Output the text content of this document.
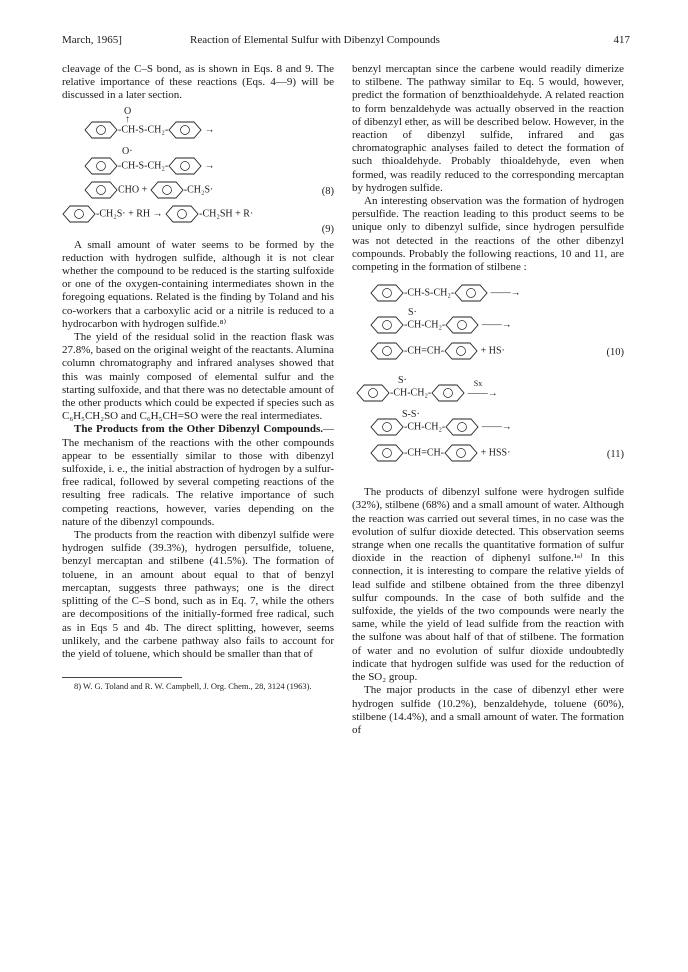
March, 1965]	Reaction of Elemental Sulfur with Dibenzyl Compounds	417

cleavage of the C–S bond, as is shown in Eqs. 8 and 9. The relative importance of these reactions (Eqs. 4—9) will be discussed in a later section.

O
↑
-CH-S-CH₂-	→
O·
-CH-S-CH₂-	→
CHO +	-CH₂S·	(8)
-CH₂S· + RH →	-CH₂SH + R·
(9)

A small amount of water seems to be formed by the reduction with hydrogen sulfide, although it is not clear whether the compound to be reduced is the starting sulfoxide or one of the oxygen-containing intermediates shown in the foregoing equations. Related is the finding by Toland and his co-workers that a carboxylic acid or a nitrile is reduced to a hydrocarbon with hydrogen sulfide.⁸⁾

The yield of the residual solid in the reaction flask was 27.8%, based on the original weight of the reactants. Alumina column chromatography and infrared analyses showed that this was mainly composed of elemental sulfur and the starting sulfoxide, and that there was no detectable amount of the other products which could be expected if species such as C₆H₅CH₂SO and C₆H₅CH=SO were the real intermediates.

The Products from the Other Dibenzyl Compounds.—The mechanism of the reactions with the other compounds appear to be essentially similar to those with dibenzyl sulfoxide, i. e., the initial abstraction of hydrogen by a sulfur-free radical, followed by several competing reactions of the resulting free radicals. The relative importance of such competing reactions, however, varies depending on the nature of the dibenzyl compounds.

The products from the reaction with dibenzyl sulfide were hydrogen sulfide (39.3%), hydrogen persulfide, toluene, benzyl mercaptan and stilbene (41.5%). The formation of toluene, in an amount about equal to that of benzyl mercaptan, suggests three pathways; one is the direct splitting of the C–S bond, such as in Eq. 7, while the others are decompositions of the initially-formed free radical, such as in Eqs 5 and 4b. The direct splitting, however, seems unlikely, and the carbene pathway also fails to account for the yield of toluene, which should be smaller than that of

8) W. G. Toland and R. W. Campbell, J. Org. Chem., 28, 3124 (1963).

benzyl mercaptan since the carbene would readily dimerize to stilbene. The pathway similar to Eq. 5 would, however, predict the formation of benzthioaldehyde. A related reaction to form benzaldehyde was actually observed in the reaction of dibenzyl ether, as will be described below. However, in the reaction of dibenzyl sulfide, infrared and gas chromatographic analyses failed to detect the formation of such thioaldehyde. Probably thioaldehyde, even when formed, was readily reduced to the corresponding mercaptan by hydrogen sulfide.

An interesting observation was the formation of hydrogen persulfide. The reaction leading to this product seems to be unique only to dibenzyl sulfide, since hydrogen persulfide was not detected in the reactions of the other dibenzyl compounds. Probably the following reactions, 10 and 11, are competing in the formation of stilbene :

-CH-S-CH₂-	——→
S·
-CH-CH₂-	——→
-CH=CH-	+ HS·	(10)
S·
-CH-CH₂-
Sx
——→
S-S·
-CH-CH₂-	——→
-CH=CH-	+ HSS·	(11)

The products of dibenzyl sulfone were hydrogen sulfide (32%), stilbene (68%) and a small amount of water. Although the reaction was carried out several times, in no case was the evolution of sulfur dioxide detected. This observation seems strange when one recalls the quantitative formation of sulfur dioxide in the reaction of diphenyl sulfone.¹ᵃ⁾ In this connection, it is interesting to compare the relative yields of lead sulfide and stilbene obtained from the three dibenzyl sulfur compounds. In the case of both sulfide and the sulfoxide, the yields of the two compounds were nearly the same, while the yield of lead sulfide from the reaction with the sulfone was about half of that of stilbene. The formation of water and no evolution of sulfur dioxide undoubtedly indicate that hydrogen sulfide was used for the reduction of the SO₂ group.

The major products in the case of dibenzyl ether were hydrogen sulfide (10.2%), benzaldehyde, toluene (60%), stilbene (14.4%), and a small amount of water. The formation of
